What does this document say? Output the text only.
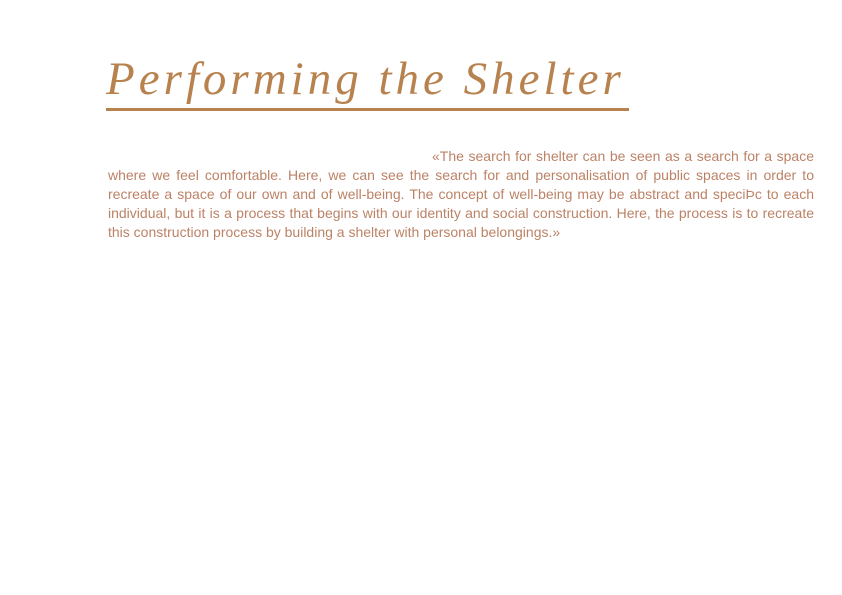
Performing the Shelter

«The search for shelter can be seen as a search for a space where we feel comfortable. Here, we can see the search for and personalisation of public spaces in order to recreate a space of our own and of well-being. The concept of well-being may be abstract and speciÞc to each individual, but it is a process that begins with our identity and social construction. Here, the process is to recreate this construction process by building a shelter with personal belongings.»
